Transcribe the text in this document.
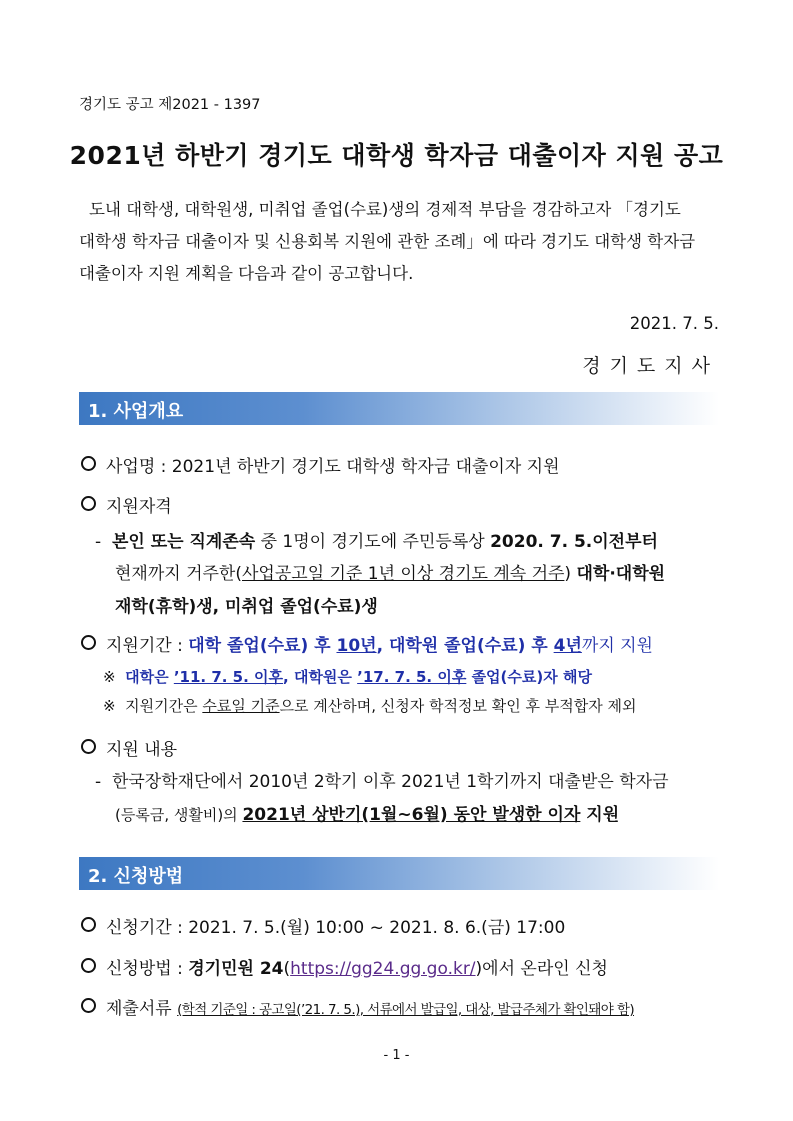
경기도 공고 제2021 - 1397
2021년 하반기 경기도 대학생 학자금 대출이자 지원 공고

도내 대학생, 대학원생, 미취업 졸업(수료)생의 경제적 부담을 경감하고자 「경기도

대학생 학자금 대출이자 및 신용회복 지원에 관한 조례」에 따라 경기도 대학생 학자금

대출이자 지원 계획을 다음과 같이 공고합니다.

2021. 7. 5.
경기도지사
1. 사업개요
사업명 : 2021년 하반기 경기도 대학생 학자금 대출이자 지원
지원자격
- 본인 또는 직계존속 중 1명이 경기도에 주민등록상 2020. 7. 5.이전부터
현재까지 거주한(사업공고일 기준 1년 이상 경기도 계속 거주) 대학·대학원
재학(휴학)생, 미취업 졸업(수료)생
지원기간 : 대학 졸업(수료) 후 10년, 대학원 졸업(수료) 후 4년까지 지원
※ 대학은 ’11. 7. 5. 이후, 대학원은 ’17. 7. 5. 이후 졸업(수료)자 해당
※ 지원기간은 수료일 기준으로 계산하며, 신청자 학적정보 확인 후 부적합자 제외
지원 내용
- 한국장학재단에서 2010년 2학기 이후 2021년 1학기까지 대출받은 학자금
(등록금, 생활비)의 2021년 상반기(1월~6월) 동안 발생한 이자 지원
2. 신청방법
신청기간 : 2021. 7. 5.(월) 10:00 ~ 2021. 8. 6.(금) 17:00
신청방법 : 경기민원 24(https://gg24.gg.go.kr/)에서 온라인 신청
제출서류 (학적 기준일 : 공고일(’21. 7. 5.), 서류에서 발급일, 대상, 발급주체가 확인돼야 함)
- 1 -
